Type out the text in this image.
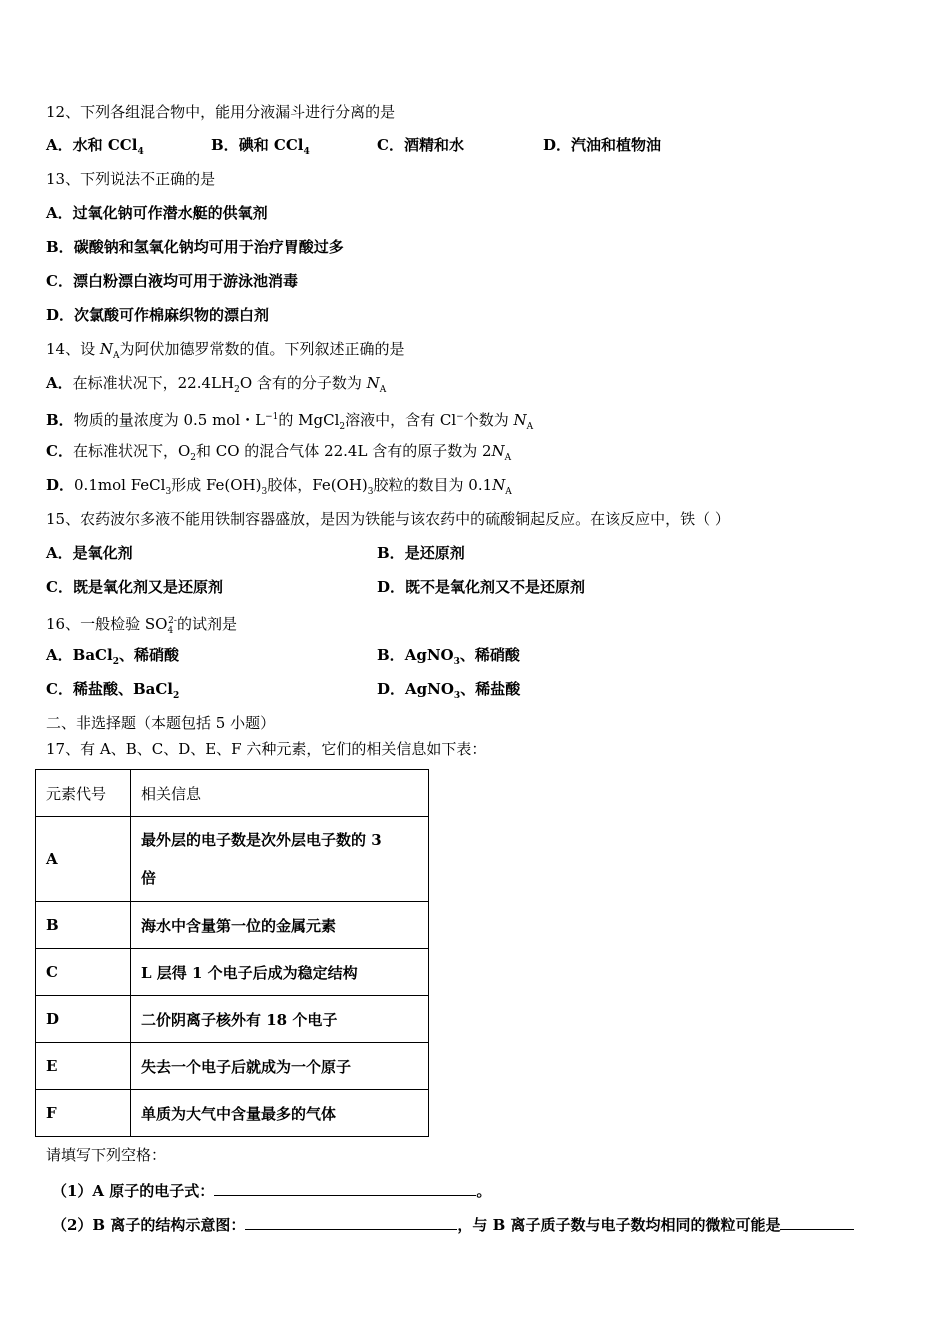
12、下列各组混合物中，能用分液漏斗进行分离的是
A．水和 CCl$_4$	B．碘和 CCl$_4$	C．酒精和水	D．汽油和植物油
13、下列说法不正确的是
A．过氧化钠可作潜水艇的供氧剂
B．碳酸钠和氢氧化钠均可用于治疗胃酸过多
C．漂白粉漂白液均可用于游泳池消毒
D．次氯酸可作棉麻织物的漂白剂
14、设 $N_A$为阿伏加德罗常数的值。下列叙述正确的是
A．在标准状况下，$22.4LH_2O$ 含有的分子数为 $N_A$
B．物质的量浓度为 0.5 mol・$L^{-1}$的 MgCl$_2$溶液中，含有 Cl−个数为 $N_A$
C．在标准状况下，$O_2$和 CO 的混合气体 22.4L 含有的原子数为 $2N_A$
D．0.1mol FeCl$_3$形成 $Fe(OH)_3$胶体，$Fe(OH)_3$胶粒的数目为 $0.1N_A$
15、农药波尔多液不能用铁制容器盛放，是因为铁能与该农药中的硫酸铜起反应。在该反应中，铁（ ）
A．是氧化剂	B．是还原剂
C．既是氧化剂又是还原剂	D．既不是氧化剂又不是还原剂
16、一般检验 $SO_4^{2-}$的试剂是
A．BaCl$_2$、稀硝酸	B．AgNO$_3$、稀硝酸
C．稀盐酸、BaCl$_2$	D．AgNO$_3$、稀盐酸
二、非选择题（本题包括 5 小题）
17、有 A、B、C、D、E、F 六种元素，它们的相关信息如下表：
元素代号	相关信息
A	最外层的电子数是次外层电子数的 3
倍
B	海水中含量第一位的金属元素
C	L 层得 1 个电子后成为稳定结构
D	二价阴离子核外有 18 个电子
E	失去一个电子后就成为一个原子
F	单质为大气中含量最多的气体
请填写下列空格：
（1）A 原子的电子式：	。
（2）B 离子的结构示意图：	，与 B 离子质子数与电子数均相同的微粒可能是
